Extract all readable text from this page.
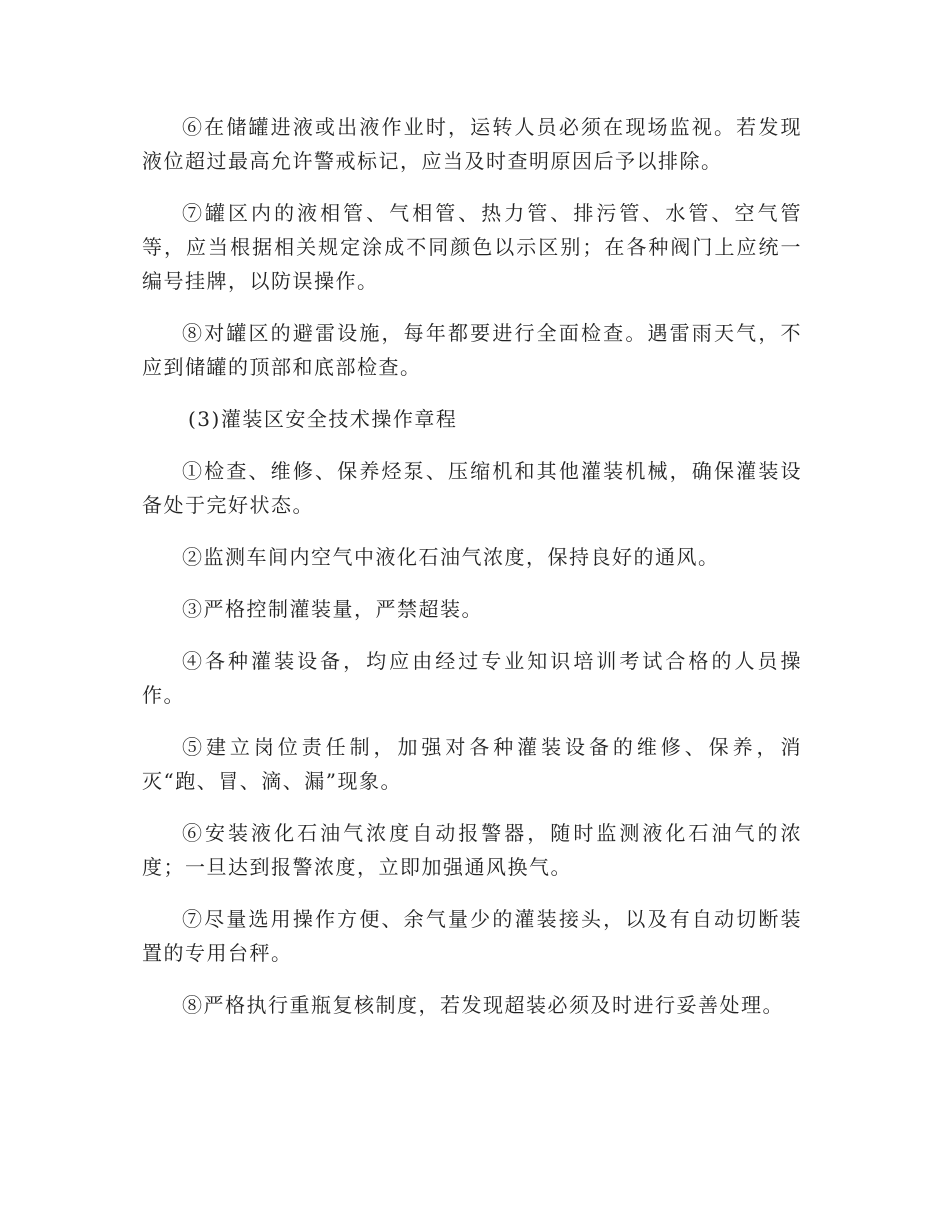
⑥在储罐进液或出液作业时，运转人员必须在现场监视。若发现液位超过最高允许警戒标记，应当及时查明原因后予以排除。

⑦罐区内的液相管、气相管、热力管、排污管、水管、空气管等，应当根据相关规定涂成不同颜色以示区别；在各种阀门上应统一编号挂牌，以防误操作。

⑧对罐区的避雷设施，每年都要进行全面检查。遇雷雨天气，不应到储罐的顶部和底部检查。

(3)灌装区安全技术操作章程

①检查、维修、保养烃泵、压缩机和其他灌装机械，确保灌装设备处于完好状态。

②监测车间内空气中液化石油气浓度，保持良好的通风。

③严格控制灌装量，严禁超装。

④各种灌装设备，均应由经过专业知识培训考试合格的人员操作。

⑤建立岗位责任制，加强对各种灌装设备的维修、保养，消灭“跑、冒、滴、漏”现象。

⑥安装液化石油气浓度自动报警器，随时监测液化石油气的浓度；一旦达到报警浓度，立即加强通风换气。

⑦尽量选用操作方便、余气量少的灌装接头，以及有自动切断装置的专用台秤。

⑧严格执行重瓶复核制度，若发现超装必须及时进行妥善处理。
